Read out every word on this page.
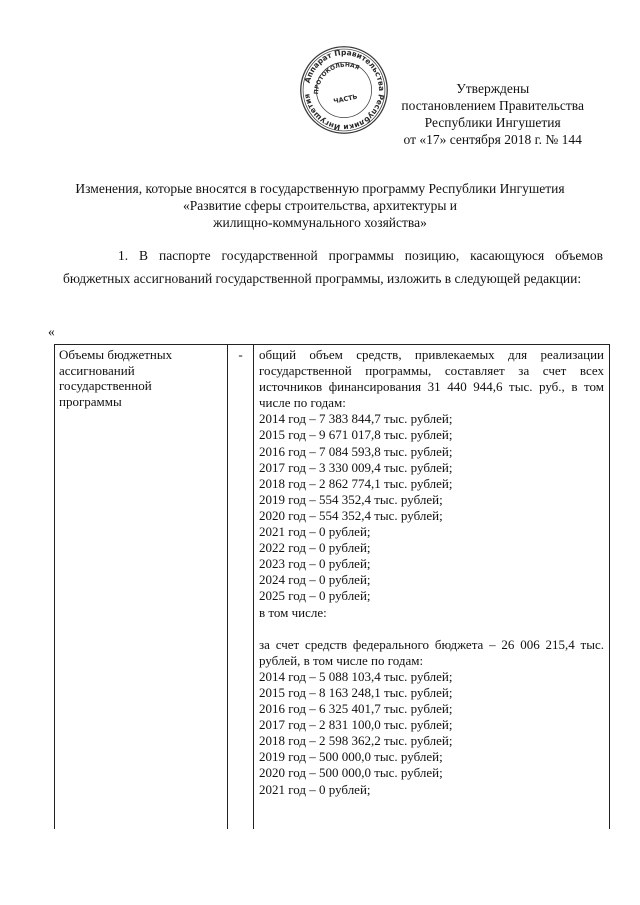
Аппарат Правительства Республики Ингушетия
ПРОТОКОЛЬНАЯ
ЧАСТЬ
Утверждены
постановлением Правительства
Республики Ингушетия
от «17» сентября 2018 г. № 144
Изменения, которые вносятся в государственную программу Республики Ингушетия
«Развитие сферы строительства, архитектуры и
жилищно-коммунального хозяйства»
1. В паспорте государственной программы позицию, касающуюся объемов бюджетных ассигнований государственной программы, изложить в следующей редакции:
«
Объемы бюджетных
ассигнований
государственной
программы
-	общий объем средств, привлекаемых для реализации государственной программы, составляет за счет всех источников финансирования 31 440 944,6 тыс. руб., в том числе по годам:
2014 год – 7 383 844,7 тыс. рублей;
2015 год – 9 671 017,8 тыс. рублей;
2016 год – 7 084 593,8 тыс. рублей;
2017 год – 3 330 009,4 тыс. рублей;
2018 год – 2 862 774,1 тыс. рублей;
2019 год – 554 352,4 тыс. рублей;
2020 год – 554 352,4 тыс. рублей;
2021 год – 0 рублей;
2022 год – 0 рублей;
2023 год – 0 рублей;
2024 год – 0 рублей;
2025 год – 0 рублей;
в том числе:
за счет средств федерального бюджета – 26 006 215,4 тыс. рублей, в том числе по годам:
2014 год – 5 088 103,4 тыс. рублей;
2015 год – 8 163 248,1 тыс. рублей;
2016 год – 6 325 401,7 тыс. рублей;
2017 год – 2 831 100,0 тыс. рублей;
2018 год – 2 598 362,2 тыс. рублей;
2019 год – 500 000,0 тыс. рублей;
2020 год – 500 000,0 тыс. рублей;
2021 год – 0 рублей;
